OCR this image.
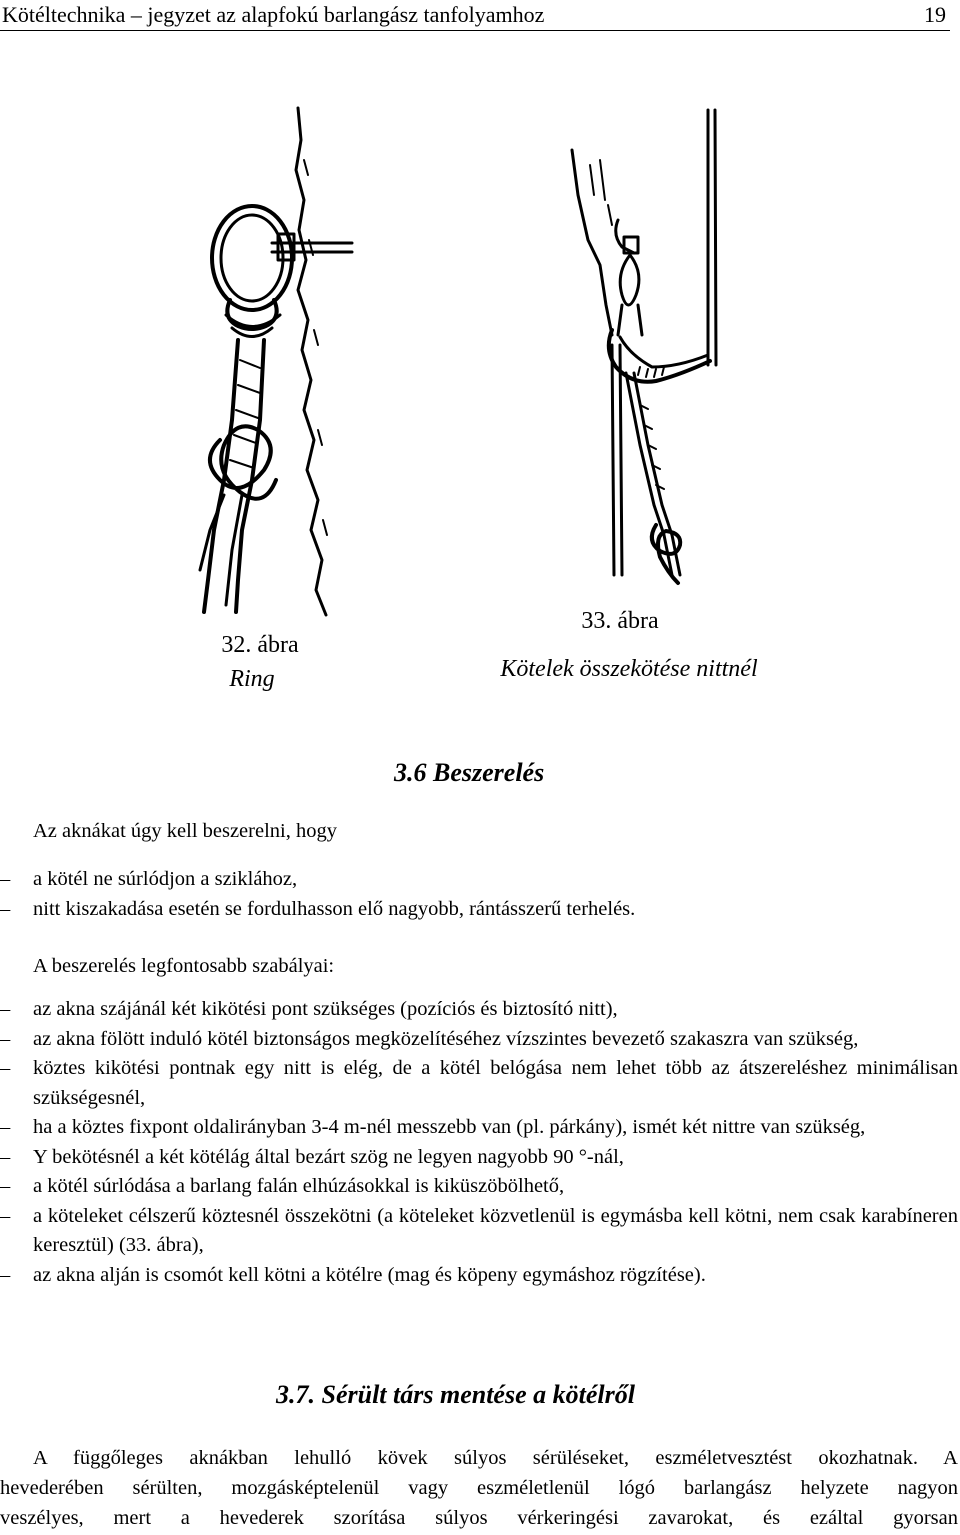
Kötéltechnika – jegyzet az alapfokú barlangász tanfolyamhoz	19
32. ábra
Ring
33. ábra
Kötelek összekötése nittnél
3.6 Beszerelés
Az aknákat úgy kell beszerelni, hogy
– a kötél ne súrlódjon a sziklához,
– nitt kiszakadása esetén se fordulhasson elő nagyobb, rántásszerű terhelés.
A beszerelés legfontosabb szabályai:
– az akna szájánál két kikötési pont szükséges (pozíciós és biztosító nitt),
– az akna fölött induló kötél biztonságos megközelítéséhez vízszintes bevezető szakaszra van szükség,
– köztes kikötési pontnak egy nitt is elég, de a kötél belógása nem lehet több az átszereléshez minimálisan szükségesnél,
– ha a köztes fixpont oldalirányban 3-4 m-nél messzebb van (pl. párkány), ismét két nittre van szükség,
– Y bekötésnél a két kötélág által bezárt szög ne legyen nagyobb 90 °-nál,
– a kötél súrlódása a barlang falán elhúzásokkal is kiküszöbölhető,
– a köteleket célszerű köztesnél összekötni (a köteleket közvetlenül is egymásba kell kötni, nem csak karabíneren keresztül) (33. ábra),
– az akna alján is csomót kell kötni a kötélre (mag és köpeny egymáshoz rögzítése).
3.7. Sérült társ mentése a kötélről

A függőleges aknákban lehulló kövek súlyos sérüléseket, eszméletvesztést okozhatnak. A

hevederében sérülten, mozgásképtelenül vagy eszméletlenül lógó barlangász helyzete nagyon

veszélyes, mert a hevederek szorítása súlyos vérkeringési zavarokat, és ezáltal gyorsan
